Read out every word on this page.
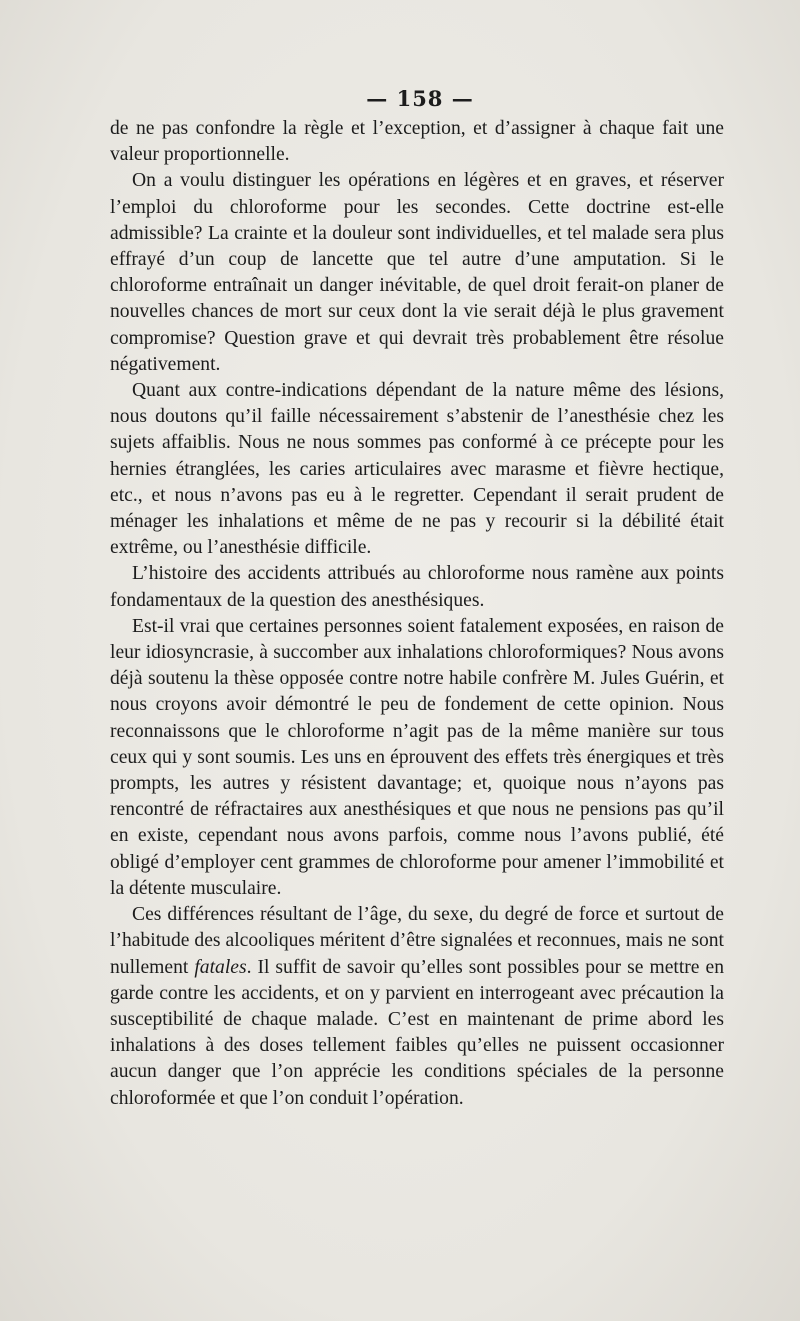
— 158 —

de ne pas confondre la règle et l’exception, et d’assigner à chaque fait une valeur proportionnelle.

On a voulu distinguer les opérations en légères et en graves, et réserver l’emploi du chloroforme pour les secondes. Cette doctrine est-elle admissible? La crainte et la douleur sont individuelles, et tel malade sera plus effrayé d’un coup de lancette que tel autre d’une amputation. Si le chloroforme entraînait un danger inévitable, de quel droit ferait-on planer de nouvelles chances de mort sur ceux dont la vie serait déjà le plus gravement compromise? Question grave et qui devrait très probablement être résolue négativement.

Quant aux contre-indications dépendant de la nature même des lésions, nous doutons qu’il faille nécessairement s’abstenir de l’anesthésie chez les sujets affaiblis. Nous ne nous sommes pas conformé à ce précepte pour les hernies étranglées, les caries articulaires avec marasme et fièvre hectique, etc., et nous n’avons pas eu à le regretter. Cependant il serait prudent de ménager les inhalations et même de ne pas y recourir si la débilité était extrême, ou l’anesthésie difficile.

L’histoire des accidents attribués au chloroforme nous ramène aux points fondamentaux de la question des anesthésiques.

Est-il vrai que certaines personnes soient fatalement exposées, en raison de leur idiosyncrasie, à succomber aux inhalations chloroformiques? Nous avons déjà soutenu la thèse opposée contre notre habile confrère M. Jules Guérin, et nous croyons avoir démontré le peu de fondement de cette opinion. Nous reconnaissons que le chloroforme n’agit pas de la même manière sur tous ceux qui y sont soumis. Les uns en éprouvent des effets très énergiques et très prompts, les autres y résistent davantage; et, quoique nous n’ayons pas rencontré de réfractaires aux anesthésiques et que nous ne pensions pas qu’il en existe, cependant nous avons parfois, comme nous l’avons publié, été obligé d’employer cent grammes de chloroforme pour amener l’immobilité et la détente musculaire.

Ces différences résultant de l’âge, du sexe, du degré de force et surtout de l’habitude des alcooliques méritent d’être signalées et reconnues, mais ne sont nullement fatales. Il suffit de savoir qu’elles sont possibles pour se mettre en garde contre les accidents, et on y parvient en interrogeant avec précaution la susceptibilité de chaque malade. C’est en maintenant de prime abord les inhalations à des doses tellement faibles qu’elles ne puissent occasionner aucun danger que l’on apprécie les conditions spéciales de la personne chloroformée et que l’on conduit l’opération.
